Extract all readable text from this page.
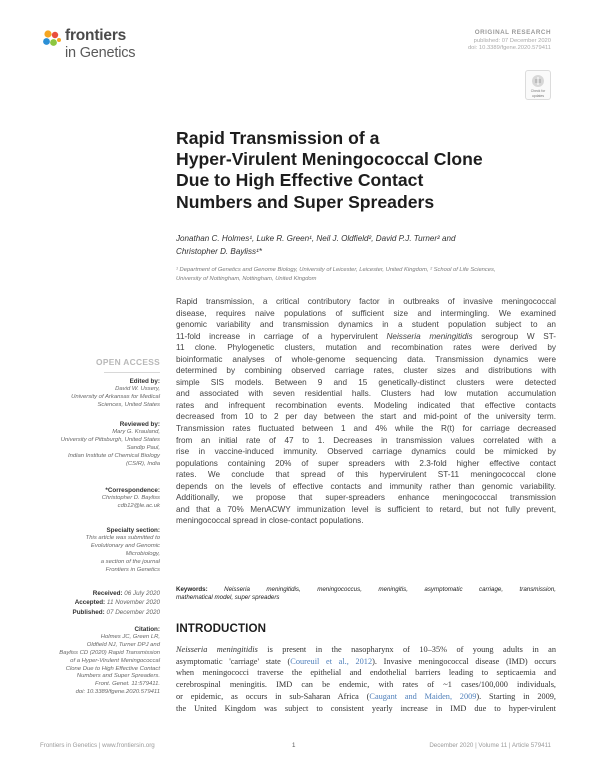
frontiers
in Genetics
ORIGINAL RESEARCH
published: 07 December 2020
doi: 10.3389/fgene.2020.579411
Check for
updates
Rapid Transmission of a
Hyper-Virulent Meningococcal Clone
Due to High Effective Contact
Numbers and Super Spreaders
Jonathan C. Holmes¹, Luke R. Green¹, Neil J. Oldfield², David P.J. Turner² and
Christopher D. Bayliss¹*
¹ Department of Genetics and Genome Biology, University of Leicester, Leicester, United Kingdom, ² School of Life Sciences,
University of Nottingham, Nottingham, United Kingdom
Rapid transmission, a critical contributory factor in outbreaks of invasive meningococcal
disease, requires naive populations of sufficient size and intermingling. We examined
genomic variability and transmission dynamics in a student population subject to an
11-fold increase in carriage of a hypervirulent Neisseria meningitidis serogroup W ST-
11 clone. Phylogenetic clusters, mutation and recombination rates were derived by
bioinformatic analyses of whole-genome sequencing data. Transmission dynamics were
determined by combining observed carriage rates, cluster sizes and distributions with
simple SIS models. Between 9 and 15 genetically-distinct clusters were detected
and associated with seven residential halls. Clusters had low mutation accumulation
rates and infrequent recombination events. Modeling indicated that effective contacts
decreased from 10 to 2 per day between the start and mid-point of the university term.
Transmission rates fluctuated between 1 and 4% while the R(t) for carriage decreased
from an initial rate of 47 to 1. Decreases in transmission values correlated with a
rise in vaccine-induced immunity. Observed carriage dynamics could be mimicked by
populations containing 20% of super spreaders with 2.3-fold higher effective contact
rates. We conclude that spread of this hypervirulent ST-11 meningococcal clone
depends on the levels of effective contacts and immunity rather than genomic variability.
Additionally, we propose that super-spreaders enhance meningococcal transmission
and that a 70% MenACWY immunization level is sufficient to retard, but not fully prevent,
meningococcal spread in close-contact populations.
Keywords:	Neisseria meningitidis, meningococcus, meningitis, asymptomatic carriage, transmission,
mathematical model, super spreaders
INTRODUCTION
Neisseria meningitidis is present in the nasopharynx of 10–35% of young adults in an
asymptomatic 'carriage' state (Coureuil et al., 2012). Invasive meningococcal disease (IMD) occurs
when meningococci traverse the epithelial and endothelial barriers leading to septicaemia and
cerebrospinal meningitis. IMD can be endemic, with rates of ~1 cases/100,000 individuals,
or epidemic, as occurs in sub-Saharan Africa (Caugant and Maiden, 2009). Starting in 2009,
the United Kingdom was subject to consistent yearly increase in IMD due to hyper-virulent
OPEN ACCESS
Edited by:
David W. Ussery,
University of Arkansas for Medical
Sciences, United States
Reviewed by:
Mary G. Krauland,
University of Pittsburgh, United States
Sandip Paul,
Indian Institute of Chemical Biology
(CSIR), India
*Correspondence:
Christopher D. Bayliss
cdb12@le.ac.uk
Specialty section:
This article was submitted to
Evolutionary and Genomic
Microbiology,
a section of the journal
Frontiers in Genetics
Received: 06 July 2020
Accepted: 11 November 2020
Published: 07 December 2020
Citation:
Holmes JC, Green LR,
Oldfield NJ, Turner DPJ and
Bayliss CD (2020) Rapid Transmission
of a Hyper-Virulent Meningococcal
Clone Due to High Effective Contact
Numbers and Super Spreaders.
Front. Genet. 11:579411.
doi: 10.3389/fgene.2020.579411
Frontiers in Genetics | www.frontiersin.org	1	December 2020 | Volume 11 | Article 579411
